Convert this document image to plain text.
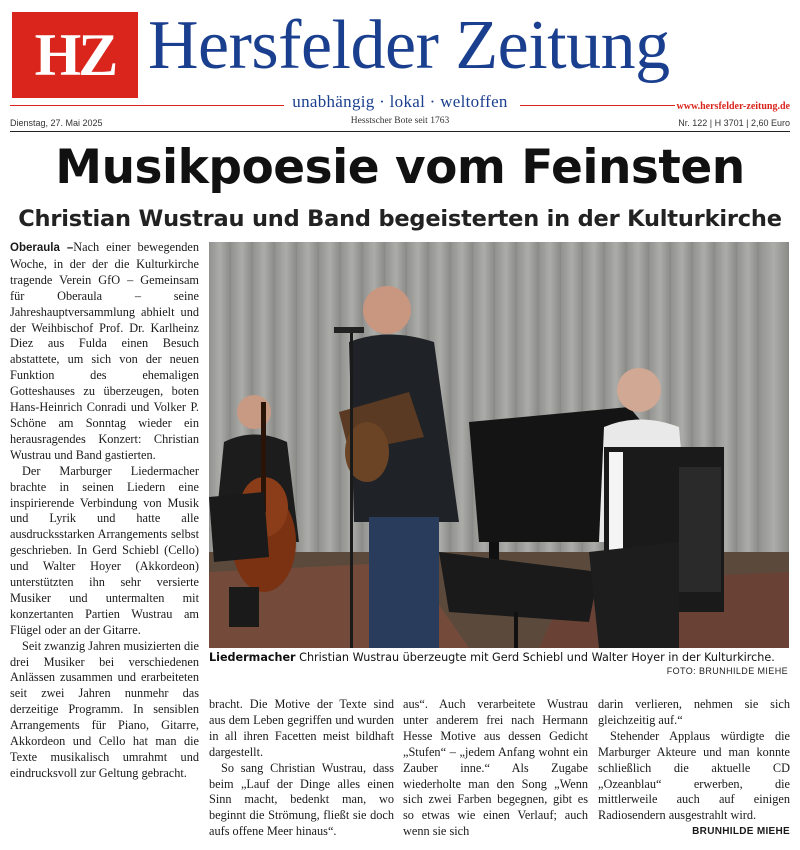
HZ Hersfelder Zeitung
unabhängig · lokal · weltoffen
Hesstscher Bote seit 1763
www.hersfelder-zeitung.de
Dienstag, 27. Mai 2025	Nr. 122 | H 3701 | 2,60 Euro
Musikpoesie vom Feinsten
Christian Wustrau und Band begeisterten in der Kulturkirche

Oberaula –Nach einer bewegenden Woche, in der der die Kulturkirche tragende Verein GfO – Gemeinsam für Oberaula – seine Jahreshauptversammlung abhielt und der Weihbischof Prof. Dr. Karlheinz Diez aus Fulda einen Besuch abstattete, um sich von der neuen Funktion des ehemaligen Gotteshauses zu überzeugen, boten Hans-Heinrich Conradi und Volker P. Schöne am Sonntag wieder ein herausragendes Konzert: Christian Wustrau und Band gastierten.

Der Marburger Liedermacher brachte in seinen Liedern eine inspirierende Verbindung von Musik und Lyrik und hatte alle ausdrucksstarken Arrangements selbst geschrieben. In Gerd Schiebl (Cello) und Walter Hoyer (Akkordeon) unterstützten ihn sehr versierte Musiker und untermalten mit konzertanten Partien Wustrau am Flügel oder an der Gitarre.

Seit zwanzig Jahren musizierten die drei Musiker bei verschiedenen Anlässen zusammen und erarbeiteten seit zwei Jahren nunmehr das derzeitige Programm. In sensiblen Arrangements für Piano, Gitarre, Akkordeon und Cello hat man die Texte musikalisch umrahmt und eindrucksvoll zur Geltung gebracht.

Liedermacher Christian Wustrau überzeugte mit Gerd Schiebl und Walter Hoyer in der Kulturkirche.
FOTO: BRUNHILDE MIEHE

bracht. Die Motive der Texte sind aus dem Leben gegriffen und wurden in all ihren Facetten meist bildhaft dargestellt.

So sang Christian Wustrau, dass beim „Lauf der Dinge alles einen Sinn macht, bedenkt man, wo beginnt die Strömung, fließt sie doch aufs offene Meer hinaus“.

aus“. Auch verarbeitete Wustrau unter anderem frei nach Hermann Hesse Motive aus dessen Gedicht „Stufen“ – „jedem Anfang wohnt ein Zauber inne.“ Als Zugabe wiederholte man den Song „Wenn sich zwei Farben begegnen, gibt es so etwas wie einen Verlauf; auch wenn sie sich

darin verlieren, nehmen sie sich gleichzeitig auf.“

Stehender Applaus würdigte die Marburger Akteure und man konnte schließlich die aktuelle CD „Ozeanblau“ erwerben, die mittlerweile auch auf einigen Radiosendern ausgestrahlt wird.

BRUNHILDE MIEHE
